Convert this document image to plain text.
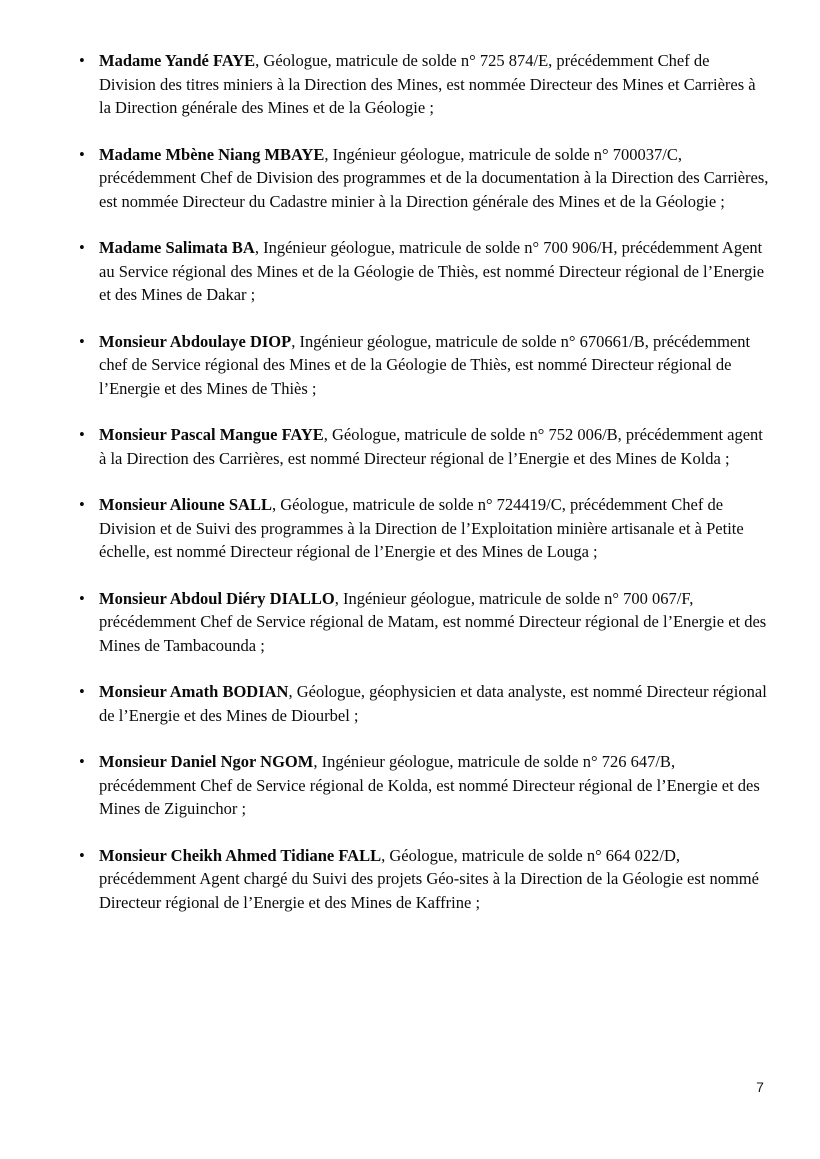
• Madame Yandé FAYE, Géologue, matricule de solde n° 725 874/E, précédemment Chef de Division des titres miniers à la Direction des Mines, est nommée Directeur des Mines et Carrières à la Direction générale des Mines et de la Géologie ;
• Madame Mbène Niang MBAYE, Ingénieur géologue, matricule de solde n° 700037/C, précédemment Chef de Division des programmes et de la documentation à la Direction des Carrières, est nommée Directeur du Cadastre minier à la Direction générale des Mines et de la Géologie ;
• Madame Salimata BA, Ingénieur géologue, matricule de solde n° 700 906/H, précédemment Agent au Service régional des Mines et de la Géologie de Thiès, est nommé Directeur régional de l’Energie et des Mines de Dakar ;
• Monsieur Abdoulaye DIOP, Ingénieur géologue, matricule de solde n° 670661/B, précédemment chef de Service régional des Mines et de la Géologie de Thiès, est nommé Directeur régional de l’Energie et des Mines de Thiès ;
• Monsieur Pascal Mangue FAYE, Géologue, matricule de solde n° 752 006/B, précédemment agent à la Direction des Carrières, est nommé Directeur régional de l’Energie et des Mines de Kolda ;
• Monsieur Alioune SALL, Géologue, matricule de solde n° 724419/C, précédemment Chef de Division et de Suivi des programmes à la Direction de l’Exploitation minière artisanale et à Petite échelle, est nommé Directeur régional de l’Energie et des Mines de Louga ;
• Monsieur Abdoul Diéry DIALLO, Ingénieur géologue, matricule de solde n° 700 067/F, précédemment Chef de Service régional de Matam, est nommé Directeur régional de l’Energie et des Mines de Tambacounda ;
• Monsieur Amath BODIAN, Géologue, géophysicien et data analyste, est nommé Directeur régional de l’Energie et des Mines de Diourbel ;
• Monsieur Daniel Ngor NGOM, Ingénieur géologue, matricule de solde n° 726 647/B, précédemment Chef de Service régional de Kolda, est nommé Directeur régional de l’Energie et des Mines de Ziguinchor ;
• Monsieur Cheikh Ahmed Tidiane FALL, Géologue, matricule de solde n° 664 022/D, précédemment Agent chargé du Suivi des projets Géo-sites à la Direction de la Géologie est nommé Directeur régional de l’Energie et des Mines de Kaffrine ;
7
